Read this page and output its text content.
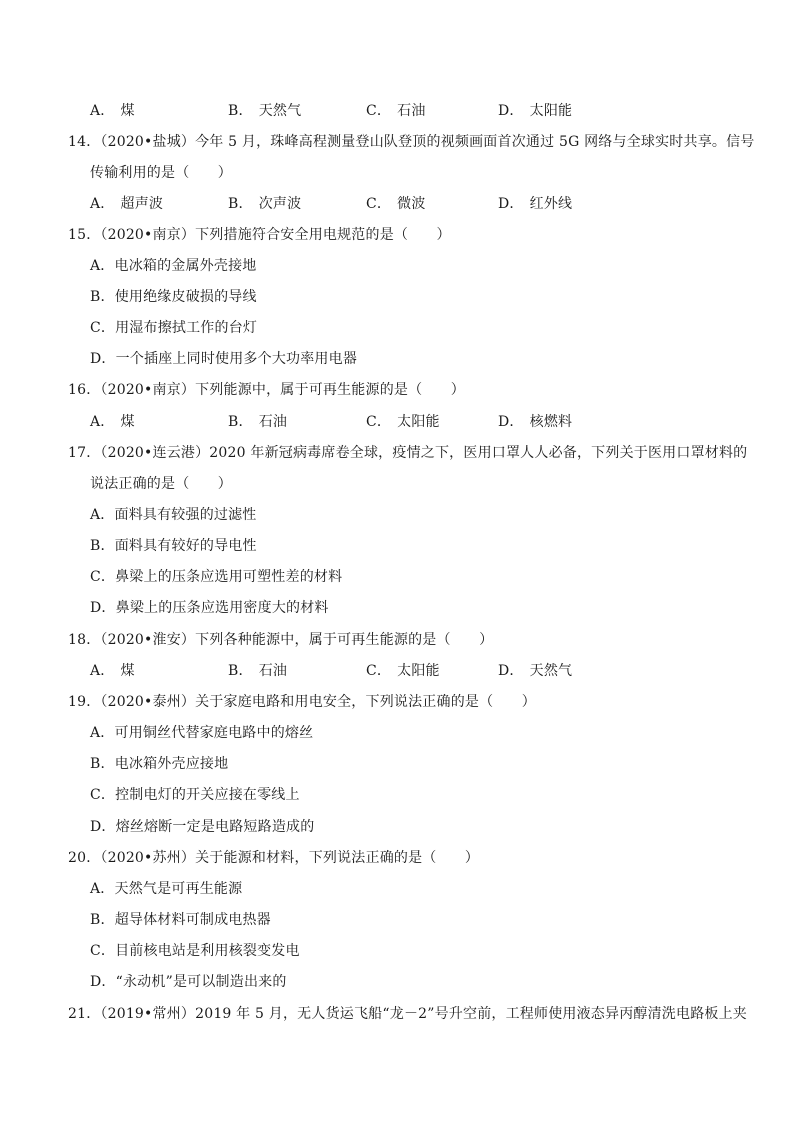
A． 煤	B． 天然气	C． 石油	D． 太阳能
14．（2020•盐城）今年 5 月，珠峰高程测量登山队登顶的视频画面首次通过 5G 网络与全球实时共享。信号
传输利用的是（　　）
A． 超声波	B． 次声波	C． 微波	D． 红外线
15．（2020•南京）下列措施符合安全用电规范的是（　　）
A．电冰箱的金属外壳接地
B．使用绝缘皮破损的导线
C．用湿布擦拭工作的台灯
D．一个插座上同时使用多个大功率用电器
16．（2020•南京）下列能源中，属于可再生能源的是（　　）
A． 煤	B． 石油	C． 太阳能	D． 核燃料
17．（2020•连云港）2020 年新冠病毒席卷全球，疫情之下，医用口罩人人必备，下列关于医用口罩材料的
说法正确的是（　　）
A．面料具有较强的过滤性
B．面料具有较好的导电性
C．鼻梁上的压条应选用可塑性差的材料
D．鼻梁上的压条应选用密度大的材料
18．（2020•淮安）下列各种能源中，属于可再生能源的是（　　）
A． 煤	B． 石油	C． 太阳能	D． 天然气
19．（2020•泰州）关于家庭电路和用电安全，下列说法正确的是（　　）
A．可用铜丝代替家庭电路中的熔丝
B．电冰箱外壳应接地
C．控制电灯的开关应接在零线上
D．熔丝熔断一定是电路短路造成的
20．（2020•苏州）关于能源和材料，下列说法正确的是（　　）
A．天然气是可再生能源
B．超导体材料可制成电热器
C．目前核电站是利用核裂变发电
D．“永动机”是可以制造出来的
21．（2019•常州）2019 年 5 月，无人货运飞船“龙－2”号升空前，工程师使用液态异丙醇清洗电路板上夹
